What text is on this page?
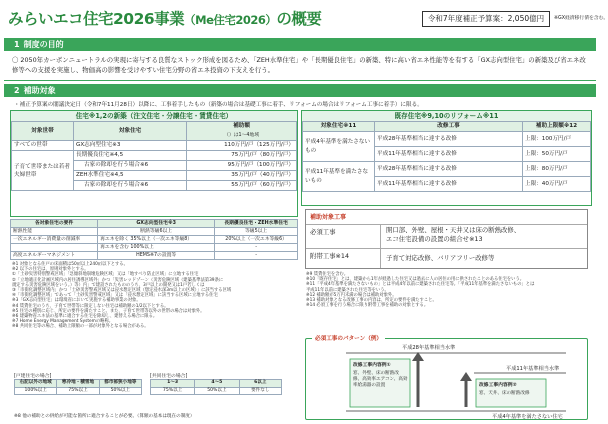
みらいエコ住宅2026事業（Me住宅2026）の概要	令和7年度補正予算案：2,050億円	※GX経済移行債を含む。
1 制度の目的
〇 2050年カーボンニュートラルの実現に寄与する良質なストック形成を図るため、「ZEH水準住宅」や「長期優良住宅」の新築、特に高い省エネ性能等を有する「GX志向型住宅」の新築及び省エネ改修等への支援を実施し、物価高の影響を受けやすい住宅分野の省エネ投資の下支えを行う。
2 補助対象
・補正予算案の閣議決定日（令和7年11月28日）以降に、工事着手したもの（新築の場合は基礎工事に着手、リフォームの場合はリフォーム工事に着手）に限る。
住宅※1,2の新築（注文住宅・分譲住宅・賃貸住宅）
対象世帯	対象住宅	補助額
（）は1～4地域
すべての世帯	GX志向型住宅※3	110万円/戸（125万円/戸）
子育て世帯または若者夫婦世帯	長期優良住宅※4,5	75万円/戸（80万円/戸）
	古家の除却を行う場合※6	95万円/戸（100万円/戸）
	ZEH水準住宅※4,5	35万円/戸（40万円/戸）
	古家の除却を行う場合※6	55万円/戸（60万円/戸）
既存住宅※9,10のリフォーム※11
対象住宅※11	改修工事	補助上限額※12
平成4年基準を満たさないもの	平成28年基準相当に達する改修	上限：100万円/戸
	平成11年基準相当に達する改修	上限：50万円/戸
平成11年基準を満たさないもの	平成28年基準相当に達する改修	上限：80万円/戸
	平成11年基準相当に達する改修	上限：40万円/戸
各対象住宅の要件	GX志向型住宅※3	長期優良住宅・ZEH水準住宅
断熱性能	断熱等級6以上	等級5以上
一次エネルギー消費量の削減率	再エネを除く 35%以上（一次エネ等級8）	20%以上（一次エネ等級6）
	再エネを含む 100%以上	-
高度エネルギーマネジメント	HEMS※7の設置等	-
※1 対象となる住戸の床面積は50㎡以上240㎡以下とする。
※2 以下の住宅は、原則対象外とする。
①「土砂災害特別警戒区域」「急傾斜地崩壊危険区域」又は「地すべり防止区域」に立地する住宅
②「立地適正化計画区域内の居住誘導区域外」かつ「災害レッドゾーン（災害危険区域（建築基準法第39条に
規定する災害危険区域をいう。）等）内」で建設されたもののうち、3戸以上の開発又は1戸若しくは
③「市街化調整区域内」かつ「土砂災害警戒区域又は浸水想定区域（想定浸水深3m以上の区域）」に該当する区域
④「市街化調整区域」であって「土砂災害警戒区域」又は「浸水想定区域」に該当する区域に立地する住宅
※3「GX志向型住宅」は環境省において実施する補助事業の対象。
※4 賃貸住宅のうち、子育て世帯等に限定しない住宅は補助額の1/2以下とする。
※5 住宅の種別に応じ、所定の要件を満たすこと。また、子育て世帯等以外の世帯の場合は対象外。
※6 建築物省エネ法の基準に適合する住宅を除却し、建替える場合に限る。
※7 Home Energy Management Systemの略称。
※8 共同住宅等の場合、補助上限額の一部が対象外となる場合がある。
[戸建住宅の場合]
右記以外の地域	寒冷地・積雪地	都市部狭小地等
100%以上	75%以上	50%以上
[共同住宅の場合]
1～3	4～5	6以上
75%以上	50%以上	要件なし
※8 他の補助との併給が可能な箇所に適合することが必要。（算額の基本は現在の制度）
補助対象工事
必須工事	開口部、外壁、屋根・天井又は床の断熱改修、
エコ住宅設備の設置の組合せ※13
附帯工事※14	子育て対応改修、バリアフリー改修等
※9 賃貸住宅を含む。
※10「既存住宅」とは、建築から1年が経過した住宅又は過去に人の居住の用に供されたことのある住宅をいう。
※11「平成4年基準を満たさないもの」とは平成4年以前に建築された住宅等。「平成11年基準を満たさないもの」とは
平成11年以前に建築された住宅等をいう。
※12 補助額が5万円未満の場合は補助対象外。
※13 補助対象となる改修工事の内容は、所定の要件を満たすこと。
※14 必須工事を行う場合に限り附帯工事を補助の対象とする。
平成28年基準相当水準
平成11年基準相当水準
平成4年基準を満たさない住宅
改修工事内容例①
窓、外壁、床の断熱改修、高効率エアコン、高効率給湯器の設置	改修工事内容例②
窓、天井、床の断熱改修
必須工事のパターン（例）
